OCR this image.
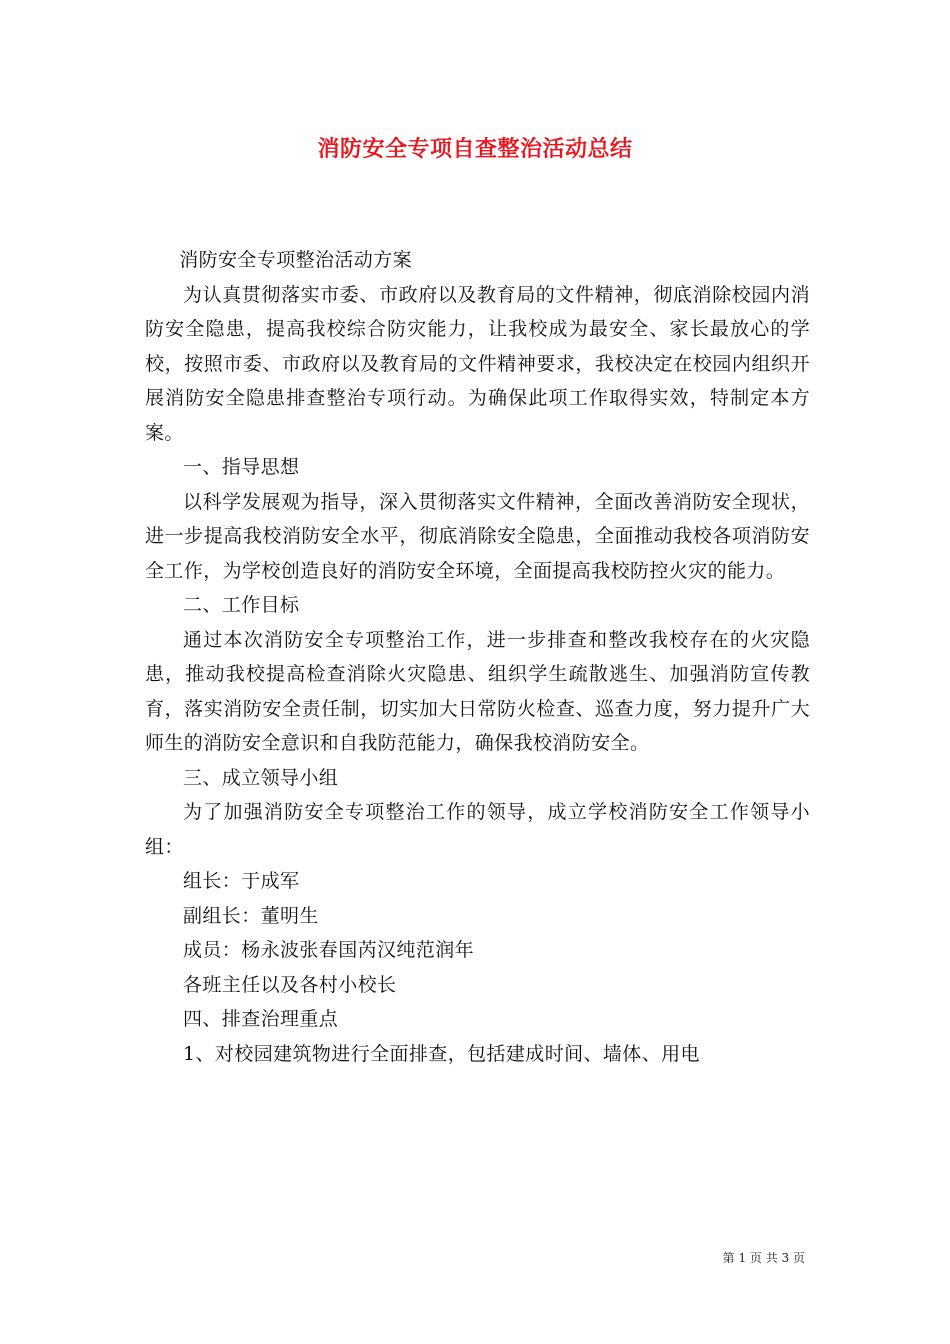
消防安全专项自查整治活动总结

消防安全专项整治活动方案

为认真贯彻落实市委、市政府以及教育局的文件精神，彻底消除校园内消防安全隐患，提高我校综合防灾能力，让我校成为最安全、家长最放心的学校，按照市委、市政府以及教育局的文件精神要求，我校决定在校园内组织开展消防安全隐患排查整治专项行动。为确保此项工作取得实效，特制定本方案。

一、指导思想

以科学发展观为指导，深入贯彻落实文件精神，全面改善消防安全现状，进一步提高我校消防安全水平，彻底消除安全隐患，全面推动我校各项消防安全工作，为学校创造良好的消防安全环境，全面提高我校防控火灾的能力。

二、工作目标

通过本次消防安全专项整治工作，进一步排查和整改我校存在的火灾隐患，推动我校提高检查消除火灾隐患、组织学生疏散逃生、加强消防宣传教育，落实消防安全责任制，切实加大日常防火检查、巡查力度，努力提升广大师生的消防安全意识和自我防范能力，确保我校消防安全。

三、成立领导小组

为了加强消防安全专项整治工作的领导，成立学校消防安全工作领导小组：

组长：于成军

副组长：董明生

成员：杨永波张春国芮汉纯范润年

各班主任以及各村小校长

四、排查治理重点

1、对校园建筑物进行全面排查，包括建成时间、墙体、用电

第 1 页 共 3 页
